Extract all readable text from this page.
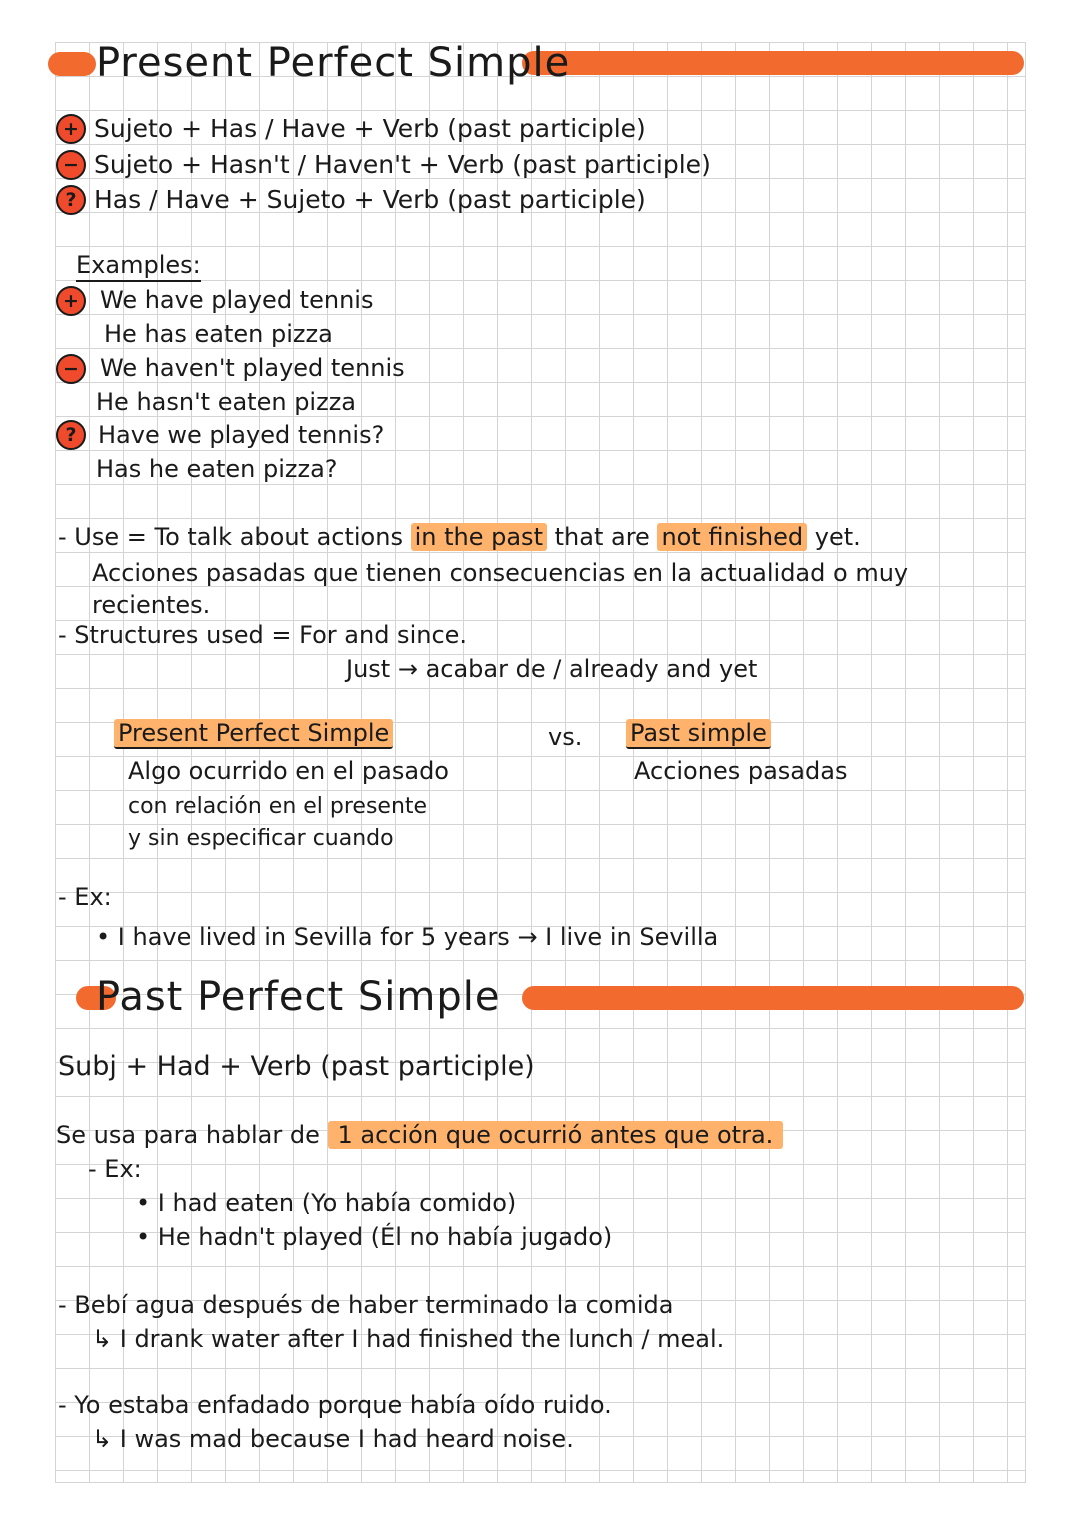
Present Perfect Simple
+ Sujeto + Has / Have + Verb (past participle)
− Sujeto + Hasn't / Haven't + Verb (past participle)
? Has / Have + Sujeto + Verb (past participle)
Examples:
+ We have played tennis
He has eaten pizza
− We haven't played tennis
He hasn't eaten pizza
? Have we played tennis?
Has he eaten pizza?
- Use = To talk about actions in the past that are not finished yet.
Acciones pasadas que tienen consecuencias en la actualidad o muy
recientes.
- Structures used = For and since.
Just → acabar de / already and yet
Present Perfect Simple
Algo ocurrido en el pasado
con relación en el presente
y sin especificar cuando
vs. Past simple
Acciones pasadas
- Ex:
• I have lived in Sevilla for 5 years → I live in Sevilla
Past Perfect Simple
Subj + Had + Verb (past participle)
Se usa para hablar de 1 acción que ocurrió antes que otra.
- Ex:
• I had eaten (Yo había comido)
• He hadn't played (Él no había jugado)
- Bebí agua después de haber terminado la comida
↳ I drank water after I had finished the lunch / meal.
- Yo estaba enfadado porque había oído ruido.
↳ I was mad because I had heard noise.
